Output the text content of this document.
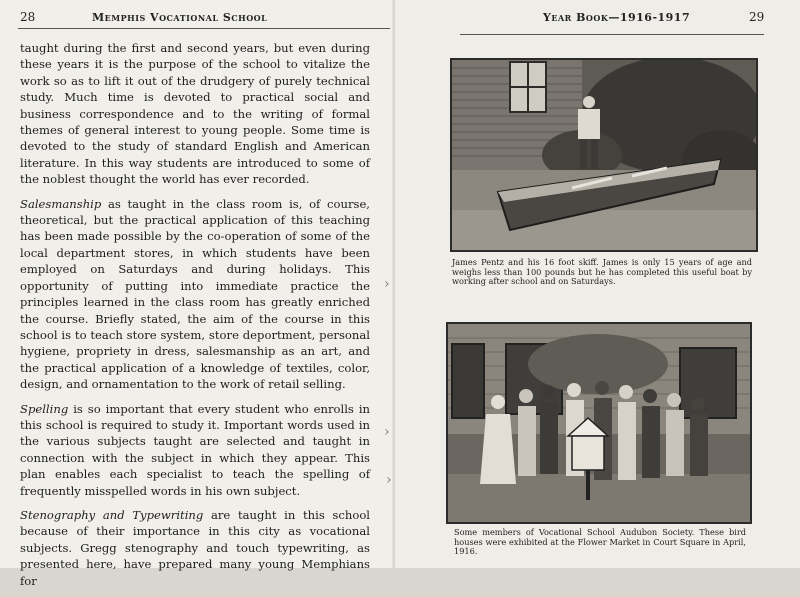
28	Memphis Vocational School

taught during the first and second years, but even during these years it is the purpose of the school to vitalize the work so as to lift it out of the drudgery of purely technical study. Much time is devoted to practical social and business correspondence and to the writing of formal themes of general interest to young people. Some time is devoted to the study of standard English and American literature. In this way students are introduced to some of the noblest thought the world has ever recorded.

Salesmanship as taught in the class room is, of course, theoretical, but the practical application of this teaching has been made possible by the co-operation of some of the local department stores, in which students have been employed on Saturdays and during holidays. This opportunity of putting into immediate practice the principles learned in the class room has greatly enriched the course. Briefly stated, the aim of the course in this school is to teach store system, store deportment, personal hygiene, propriety in dress, salesmanship as an art, and the practical application of a knowledge of textiles, color, design, and ornamentation to the work of retail selling.

Spelling is so important that every student who enrolls in this school is required to study it. Important words used in the various subjects taught are selected and taught in connection with the subject in which they appear. This plan enables each specialist to teach the spelling of frequently misspelled words in his own subject.

Stenography and Typewriting are taught in this school because of their importance in this city as vocational subjects. Gregg stenography and touch typewriting, as presented here, have prepared many young Memphians for

›
›
Year Book—1916-1917	29
James Pentz and his 16 foot skiff. James is only 15 years of age and weighs less than 100 pounds but he has completed this useful boat by working after school and on Saturdays.
Some members of Vocational School Audubon Society. These bird houses were exhibited at the Flower Market in Court Square in April, 1916.
›
